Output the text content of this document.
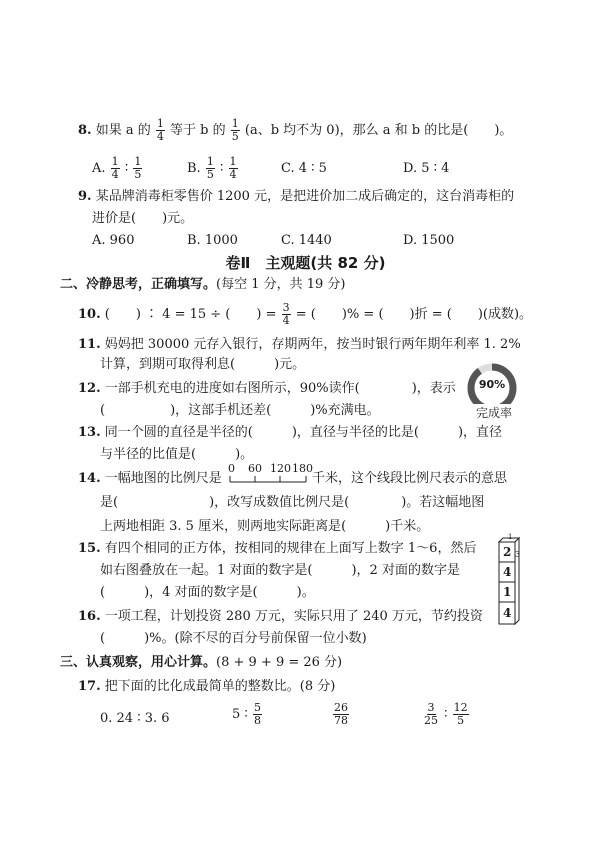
8. 如果 a 的 $\frac{1}{4}$ 等于 b 的 $\frac{1}{5} (a$、b 均不为 0)，那么 a 和 b 的比是(　　)。
A. $\frac{1}{4}$ ∶ $\frac{1}{5}$	B. $\frac{1}{5}$ ∶ $\frac{1}{4}$	C. 4 ∶ 5	D. 5 ∶ 4
9. 某品牌消毒柜零售价 1200 元，是把进价加二成后确定的，这台消毒柜的
进价是(　　)元。
A. 960	B. 1000	C. 1440	D. 1500
卷Ⅱ　主观题(共 82 分)
二、冷静思考，正确填写。(每空 1 分，共 19 分)
10. (　　) ∶ 4 = 15 ÷ (　　) = $\frac{3}{4}$ = (　　)% = (　　)折 = (　　)(成数)。
11. 妈妈把 30000 元存入银行，存期两年，按当时银行两年期年利率 1. 2%
计算，到期可取得利息(　　　)元。
12. 一部手机充电的进度如右图所示，90%读作(　　　　)，表示
(　　　　　)，这部手机还差(　　　)%充满电。
90%
完成率
13. 同一个圆的直径是半径的(　　　)，直径与半径的比是(　　　)，直径
与半径的比值是(　　　)。
14. 一幅地图的比例尺是
0 60 120 180
千米，这个线段比例尺表示的意思
是(　　　　　　　)，改写成数值比例尺是(　　　　)。若这幅地图
上两地相距 3. 5 厘米，则两地实际距离是(　　　)千米。
15. 有四个相同的正方体，按相同的规律在上面写上数字 1～6，然后
如右图叠放在一起。1 对面的数字是(　　　)，2 对面的数字是
(　　　)，4 对面的数字是(　　　)。
1
2
4
1
4
3
16. 一项工程，计划投资 280 万元，实际只用了 240 万元，节约投资
(　　　)%。(除不尽的百分号前保留一位小数)
三、认真观察，用心计算。(8 + 9 + 9 = 26 分)
17. 把下面的比化成最简单的整数比。(8 分)
0. 24 ∶ 3. 6	5 ∶ $\frac{5}{8}$	$\frac{26}{78}$	$\frac{3}{25}$ ∶ $\frac{12}{5}$
